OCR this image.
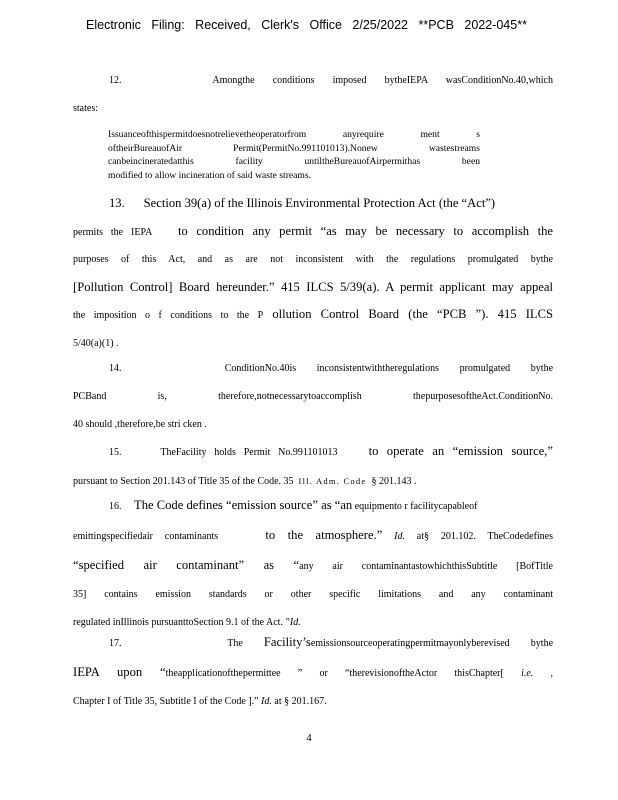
Electronic Filing: Received, Clerk's Office 2/25/2022 **PCB 2022-045**
12.	Amongthe conditions imposed bytheIEPA wasConditionNo.40,which
states:
Issuanceofthispermitdoesnotrelievetheoperatorfrom anyrequire ment s
oftheirBureauofAir Permit(PermitNo.991101013).Nonew wastestreams
canbeincineratedatthis facility untiltheBureauofAirpermithas been
modified to allow incineration of said waste streams.
13. Section 39(a) of the Illinois Environmental Protection Act (the “Act”)
permits the IEPA to condition any permit “as may be necessary to accomplish the
purposes of this Act, and as are not inconsistent with the regulations promulgated bythe
[Pollution Control] Board hereunder.” 415 ILCS 5/39(a). A permit applicant may appeal
the imposition o f conditions to the P ollution Control Board (the “PCB ”). 415 ILCS
5/40(a)(1) .
14.	ConditionNo.40is inconsistentwiththeregulations promulgated bythe
PCBand is, therefore,notnecessarytoaccomplish thepurposesoftheAct.ConditionNo.
40 should ,therefore,be stri cken .
15.	TheFacility holds Permit No.991101013 to operate an “emission source,”
pursuant to Section 201.143 of Title 35 of the Code. 35 Ill. Adm. Code § 201.143 .
16. The Code defines “emission source” as “an equipmento r facilitycapableof
emittingspecifiedair contaminants	to the atmosphere.” Id. at§ 201.102. TheCodedefines
“specified air contaminant” as “any air contaminantastowhichthisSubtitle [BofTitle
35] contains emission standards or other specific limitations and any contaminant
regulated inIllinois pursuanttoSection 9.1 of the Act. ”Id.
17.	The Facility’semissionsourceoperatingpermitmayonlyberevised bythe
IEPA upon “theapplicationofthepermittee ” or “therevisionoftheActor thisChapter[ i.e. ,
Chapter I of Title 35, Subtitle I of the Code ].” Id. at § 201.167.
4
